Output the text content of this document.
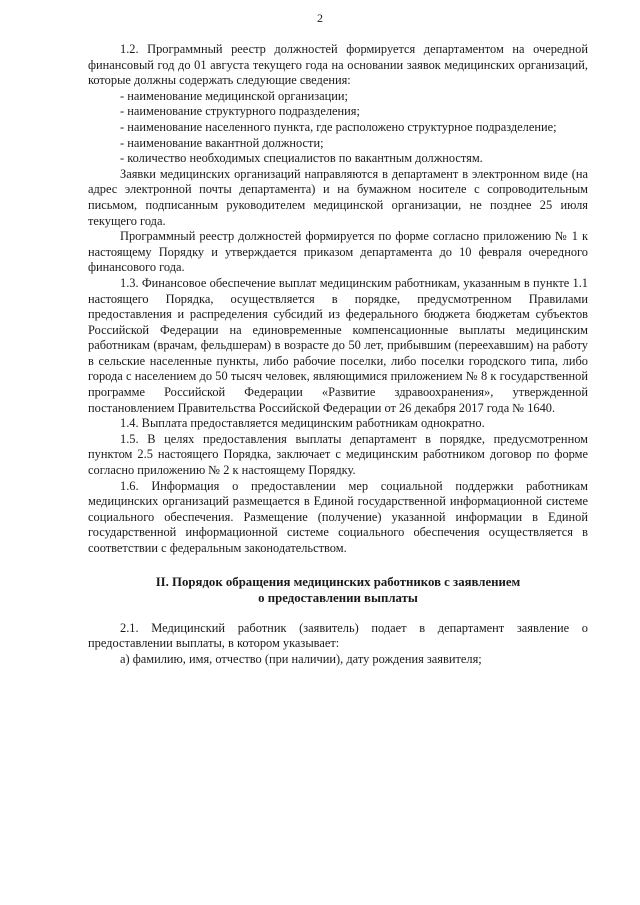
2

1.2. Программный реестр должностей формируется департаментом на очередной финансовый год до 01 августа текущего года на основании заявок медицинских организаций, которые должны содержать следующие сведения:

- наименование медицинской организации;

- наименование структурного подразделения;

- наименование населенного пункта, где расположено структурное подразделение;

- наименование вакантной должности;

- количество необходимых специалистов по вакантным должностям.

Заявки медицинских организаций направляются в департамент в электронном виде (на адрес электронной почты департамента) и на бумажном носителе с сопроводительным письмом, подписанным руководителем медицинской организации, не позднее 25 июля текущего года.

Программный реестр должностей формируется по форме согласно приложению № 1 к настоящему Порядку и утверждается приказом департамента до 10 февраля очередного финансового года.

1.3. Финансовое обеспечение выплат медицинским работникам, указанным в пункте 1.1 настоящего Порядка, осуществляется в порядке, предусмотренном Правилами предоставления и распределения субсидий из федерального бюджета бюджетам субъектов Российской Федерации на единовременные компенсационные выплаты медицинским работникам (врачам, фельдшерам) в возрасте до 50 лет, прибывшим (переехавшим) на работу в сельские населенные пункты, либо рабочие поселки, либо поселки городского типа, либо города с населением до 50 тысяч человек, являющимися приложением № 8 к государственной программе Российской Федерации «Развитие здравоохранения», утвержденной постановлением Правительства Российской Федерации от 26 декабря 2017 года № 1640.

1.4. Выплата предоставляется медицинским работникам однократно.

1.5. В целях предоставления выплаты департамент в порядке, предусмотренном пунктом 2.5 настоящего Порядка, заключает с медицинским работником договор по форме согласно приложению № 2 к настоящему Порядку.

1.6. Информация о предоставлении мер социальной поддержки работникам медицинских организаций размещается в Единой государственной информационной системе социального обеспечения. Размещение (получение) указанной информации в Единой государственной информационной системе социального обеспечения осуществляется в соответствии с федеральным законодательством.

II. Порядок обращения медицинских работников с заявлением
о предоставлении выплаты

2.1. Медицинский работник (заявитель) подает в департамент заявление о предоставлении выплаты, в котором указывает:

а) фамилию, имя, отчество (при наличии), дату рождения заявителя;
